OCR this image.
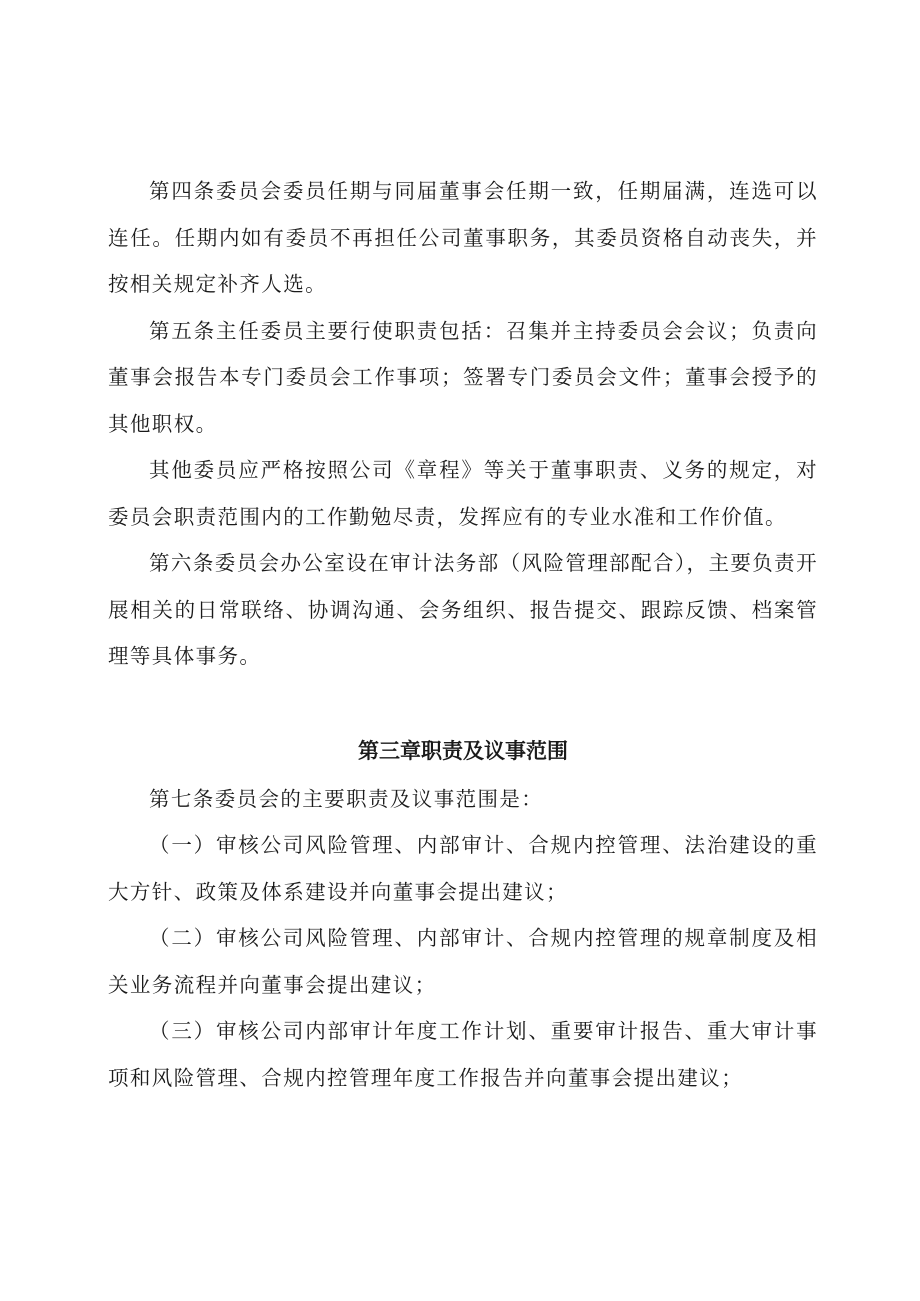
第四条委员会委员任期与同届董事会任期一致，任期届满，连选可以连任。任期内如有委员不再担任公司董事职务，其委员资格自动丧失，并按相关规定补齐人选。

第五条主任委员主要行使职责包括：召集并主持委员会会议；负责向董事会报告本专门委员会工作事项；签署专门委员会文件；董事会授予的其他职权。

其他委员应严格按照公司《章程》等关于董事职责、义务的规定，对委员会职责范围内的工作勤勉尽责，发挥应有的专业水准和工作价值。

第六条委员会办公室设在审计法务部（风险管理部配合），主要负责开展相关的日常联络、协调沟通、会务组织、报告提交、跟踪反馈、档案管理等具体事务。

第三章职责及议事范围

第七条委员会的主要职责及议事范围是：

（一）审核公司风险管理、内部审计、合规内控管理、法治建设的重大方针、政策及体系建设并向董事会提出建议；

（二）审核公司风险管理、内部审计、合规内控管理的规章制度及相关业务流程并向董事会提出建议；

（三）审核公司内部审计年度工作计划、重要审计报告、重大审计事项和风险管理、合规内控管理年度工作报告并向董事会提出建议；
